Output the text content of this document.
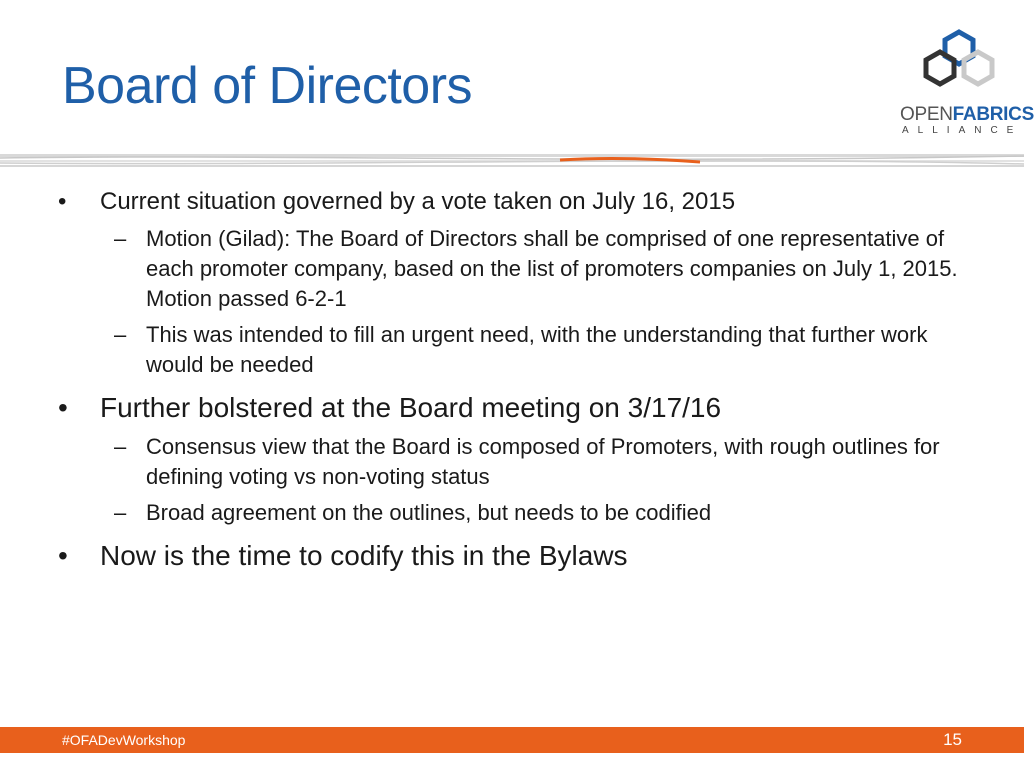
Board of Directors	OPENFABRICS
ALLIANCE
• Current situation governed by a vote taken on July 16, 2015
– Motion (Gilad): The Board of Directors shall be comprised of one representative of each promoter company, based on the list of promoters companies on July 1, 2015. Motion passed 6-2-1
– This was intended to fill an urgent need, with the understanding that further work would be needed
• Further bolstered at the Board meeting on 3/17/16
– Consensus view that the Board is composed of Promoters, with rough outlines for defining voting vs non-voting status
– Broad agreement on the outlines, but needs to be codified
• Now is the time to codify this in the Bylaws
#OFADevWorkshop	15
